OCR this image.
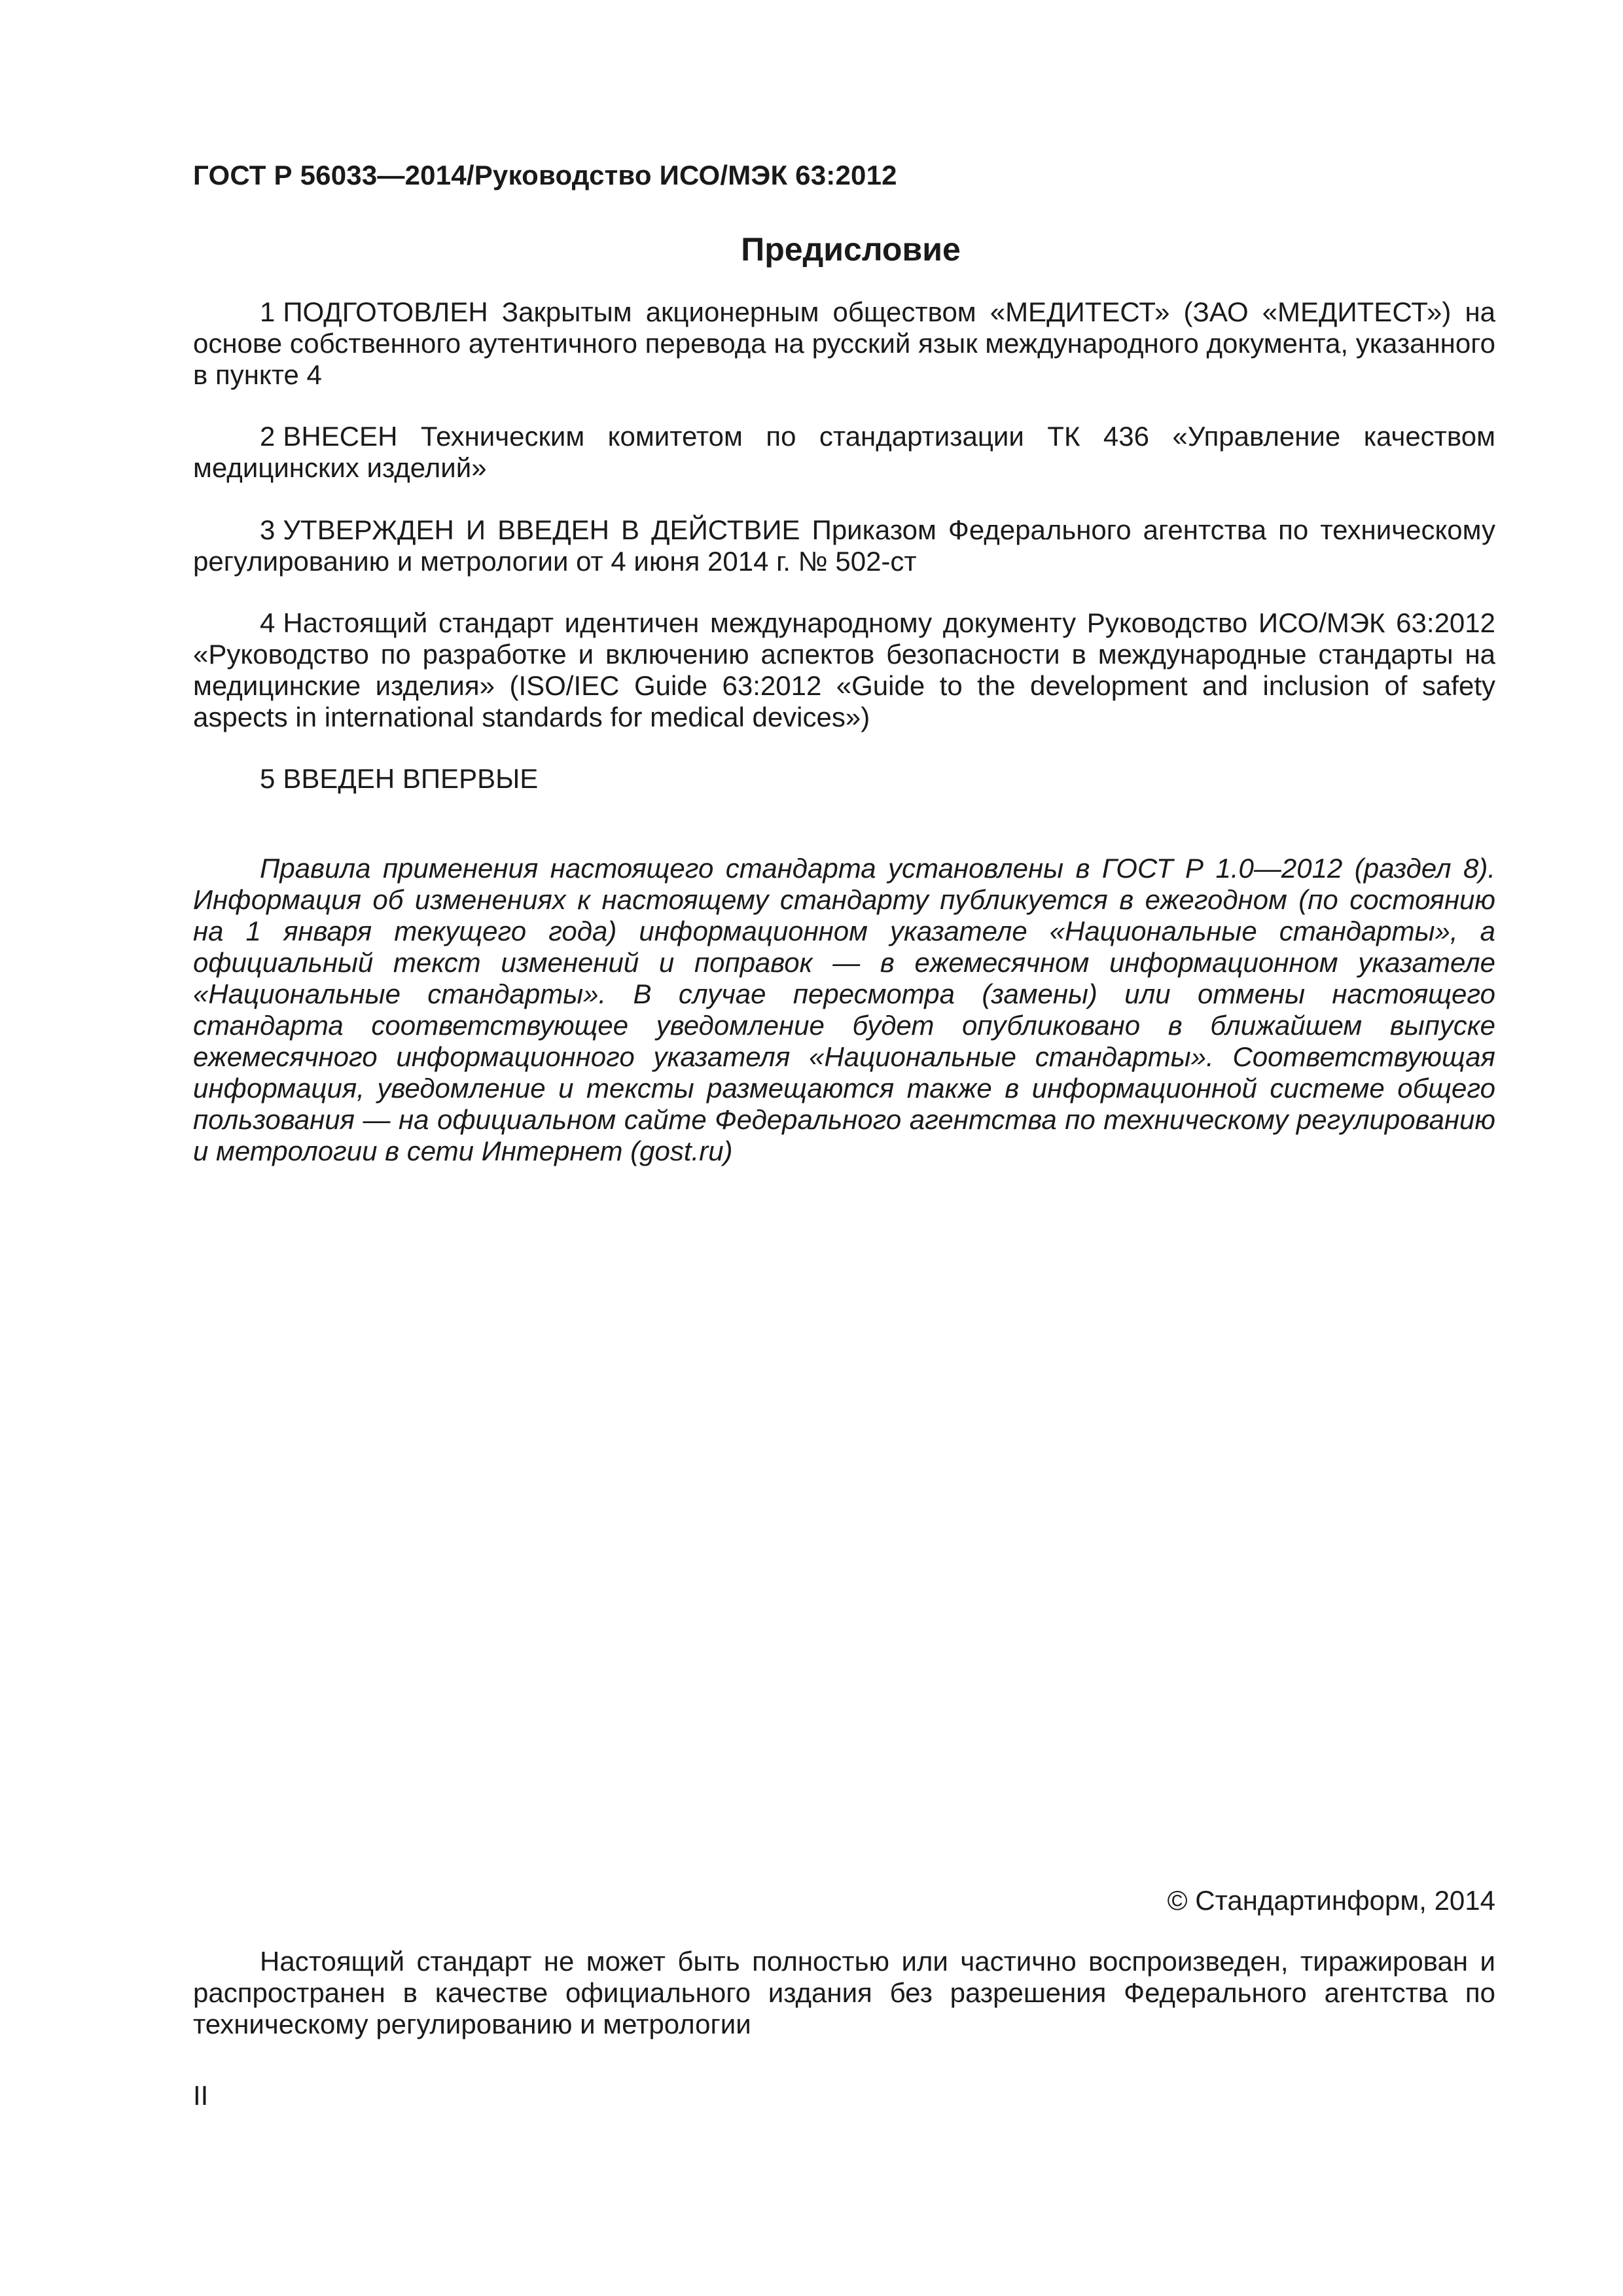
ГОСТ Р 56033—2014/Руководство ИСО/МЭК 63:2012
Предисловие

1 ПОДГОТОВЛЕН Закрытым акционерным обществом «МЕДИТЕСТ» (ЗАО «МЕДИТЕСТ») на основе собственного аутентичного перевода на русский язык международного документа, указанного в пункте 4

2 ВНЕСЕН Техническим комитетом по стандартизации ТК 436 «Управление качеством медицинских изделий»

3 УТВЕРЖДЕН И ВВЕДЕН В ДЕЙСТВИЕ Приказом Федерального агентства по техническому регулированию и метрологии от 4 июня 2014 г. № 502-ст

4 Настоящий стандарт идентичен международному документу Руководство ИСО/МЭК 63:2012 «Руководство по разработке и включению аспектов безопасности в международные стандарты на медицинские изделия» (ISO/IEC Guide 63:2012 «Guide to the development and inclusion of safety aspects in international standards for medical devices»)

5 ВВЕДЕН ВПЕРВЫЕ

Правила применения настоящего стандарта установлены в ГОСТ Р 1.0—2012 (раздел 8). Информация об изменениях к настоящему стандарту публикуется в ежегодном (по состоянию на 1 января текущего года) информационном указателе «Национальные стандарты», а официальный текст изменений и поправок — в ежемесячном информационном указателе «Национальные стандарты». В случае пересмотра (замены) или отмены настоящего стандарта соответствующее уведомление будет опубликовано в ближайшем выпуске ежемесячного информационного указателя «Национальные стандарты». Соответствующая информация, уведомление и тексты размещаются также в информационной системе общего пользования — на официальном сайте Федерального агентства по техническому регулированию и метрологии в сети Интернет (gost.ru)

© Стандартинформ, 2014

Настоящий стандарт не может быть полностью или частично воспроизведен, тиражирован и распространен в качестве официального издания без разрешения Федерального агентства по техническому регулированию и метрологии

II
